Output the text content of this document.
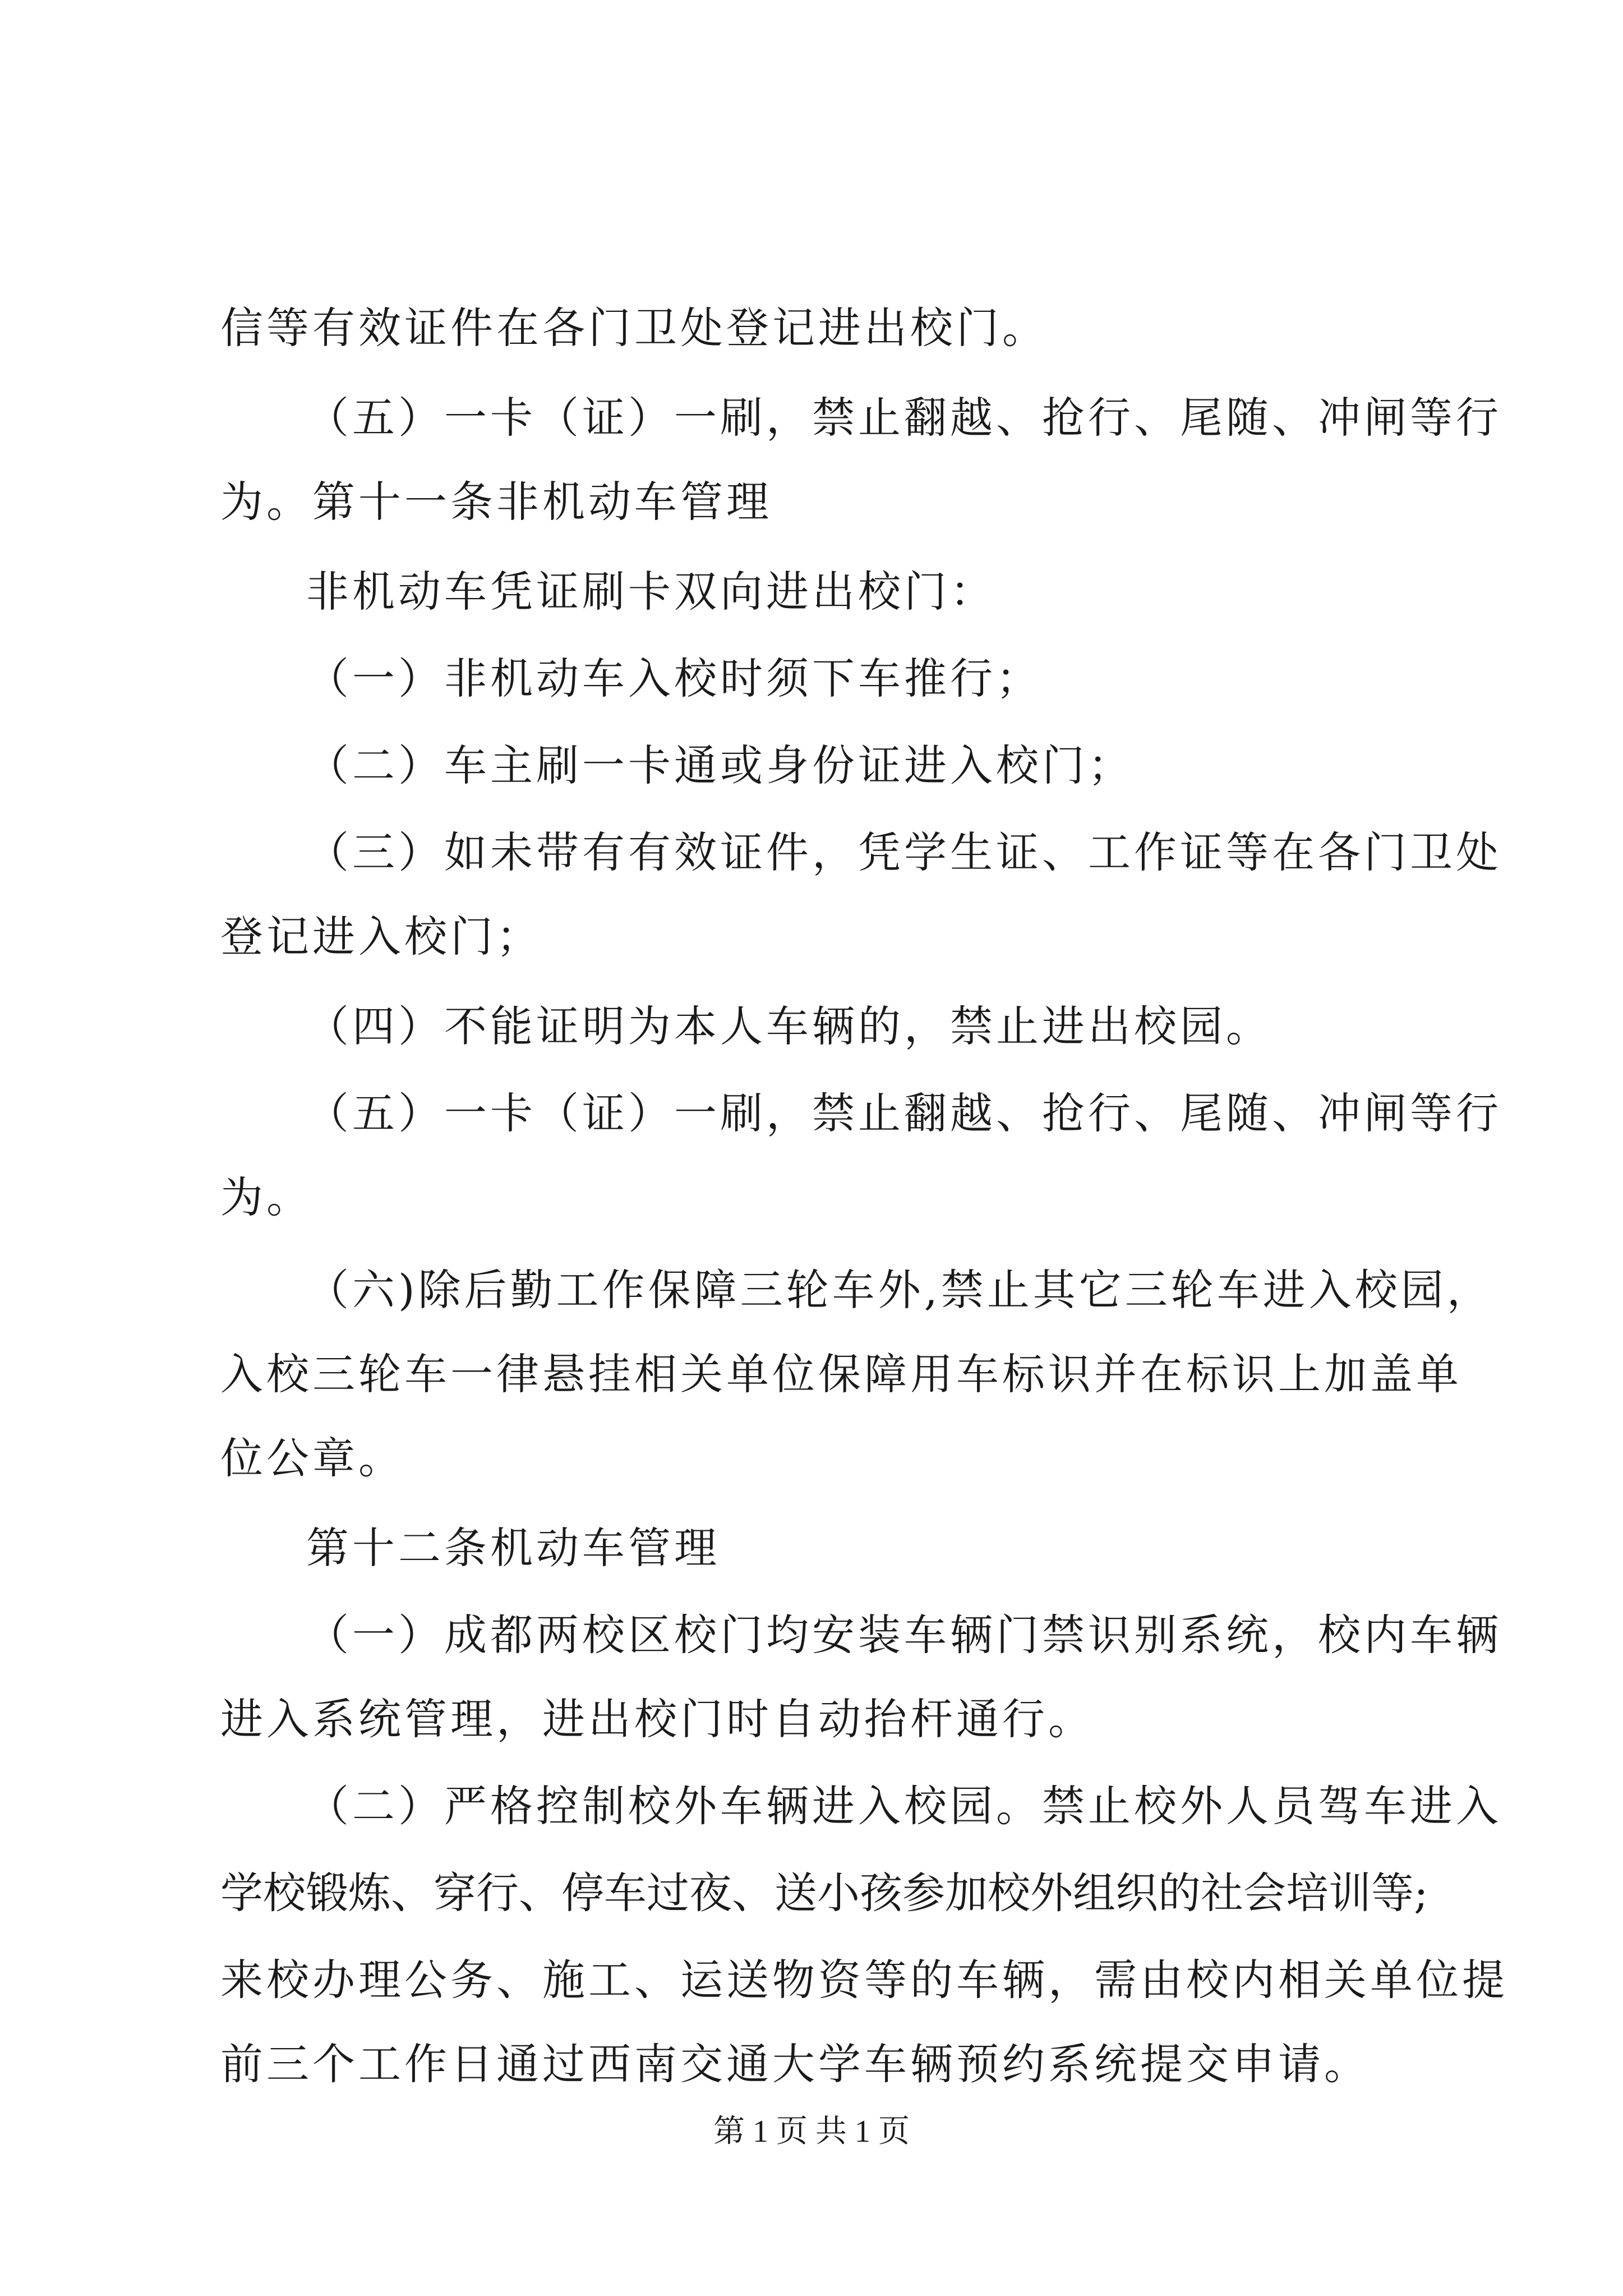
信等有效证件在各门卫处登记进出校门。
（五）一卡（证）一刷，禁止翻越、抢行、尾随、冲闸等行
为。第十一条非机动车管理
非机动车凭证刷卡双向进出校门：
（一）非机动车入校时须下车推行；
（二）车主刷一卡通或身份证进入校门；
（三）如未带有有效证件，凭学生证、工作证等在各门卫处
登记进入校门；
（四）不能证明为本人车辆的，禁止进出校园。
（五）一卡（证）一刷，禁止翻越、抢行、尾随、冲闸等行
为。
（六)除后勤工作保障三轮车外,禁止其它三轮车进入校园，
入校三轮车一律悬挂相关单位保障用车标识并在标识上加盖单
位公章。
第十二条机动车管理
（一）成都两校区校门均安装车辆门禁识别系统，校内车辆
进入系统管理，进出校门时自动抬杆通行。
（二）严格控制校外车辆进入校园。禁止校外人员驾车进入
学校锻炼、穿行、停车过夜、送小孩参加校外组织的社会培训等;
来校办理公务、施工、运送物资等的车辆，需由校内相关单位提
前三个工作日通过西南交通大学车辆预约系统提交申请。
第 1 页 共 1 页
